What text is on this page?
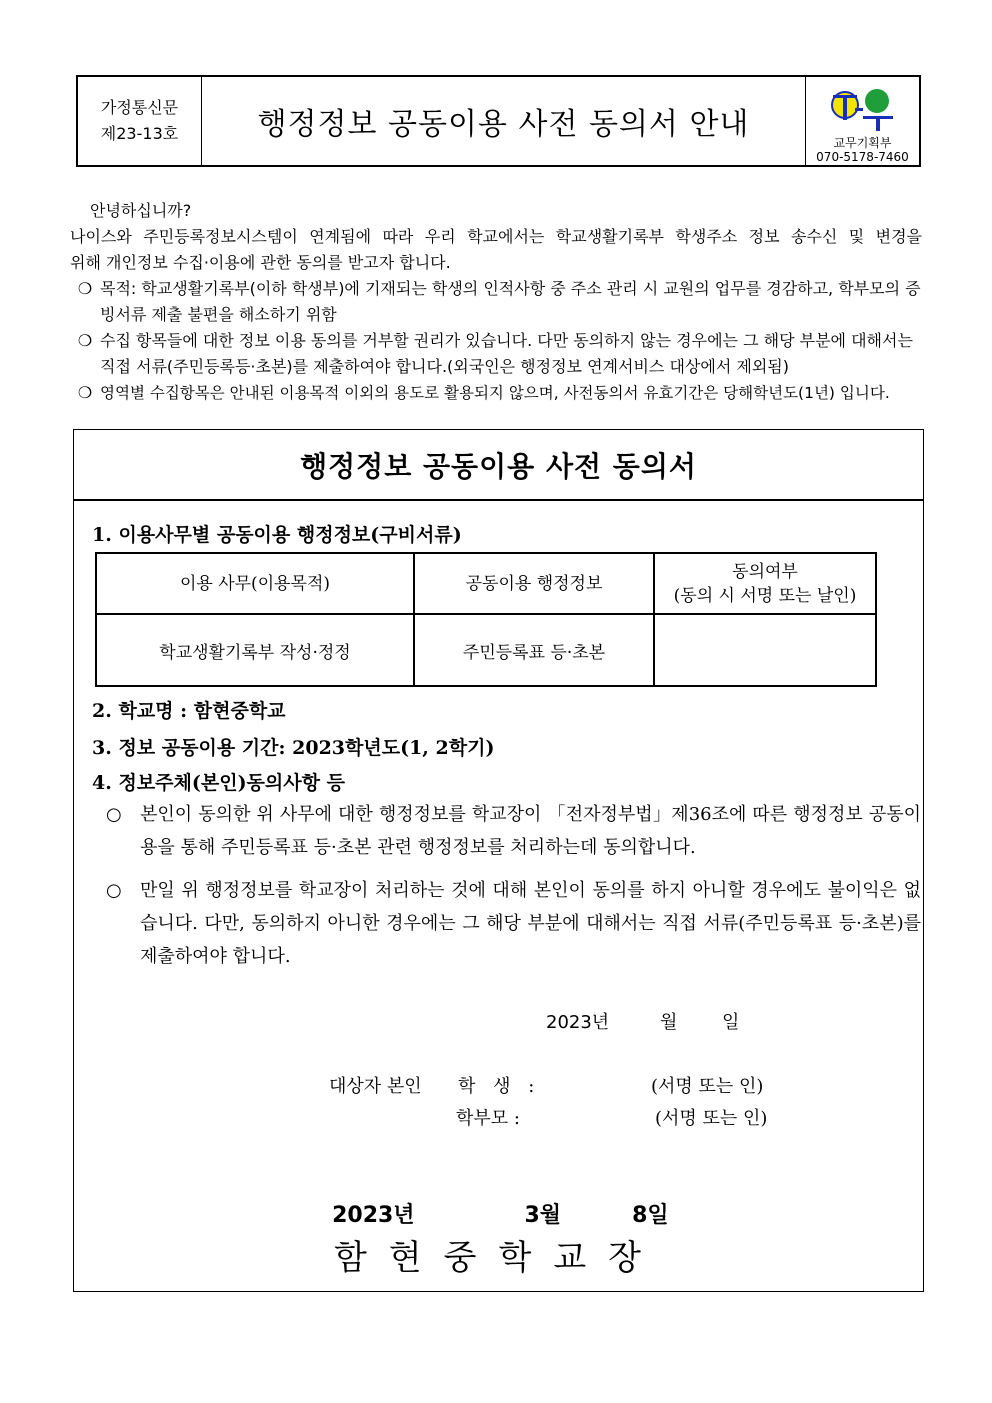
가정통신문
제23-13호	행정정보 공동이용 사전 동의서 안내
교무기획부
070-5178-7460

안녕하십니까?

나이스와 주민등록정보시스템이 연계됨에 따라 우리 학교에서는 학교생활기록부 학생주소 정보 송수신 및 변경을

위해 개인정보 수집·이용에 관한 동의를 받고자 합니다.

❍ 목적: 학교생활기록부(이하 학생부)에 기재되는 학생의 인적사항 중 주소 관리 시 교원의 업무를 경감하고, 학부모의 증빙서류 제출 불편을 해소하기 위함
❍ 수집 항목들에 대한 정보 이용 동의를 거부할 권리가 있습니다. 다만 동의하지 않는 경우에는 그 해당 부분에 대해서는 직접 서류(주민등록등·초본)를 제출하여야 합니다.(외국인은 행정정보 연계서비스 대상에서 제외됨)
❍ 영역별 수집항목은 안내된 이용목적 이외의 용도로 활용되지 않으며, 사전동의서 유효기간은 당해학년도(1년) 입니다.
행정정보 공동이용 사전 동의서
1. 이용사무별 공동이용 행정정보(구비서류)
이용 사무(이용목적)	공동이용 행정정보	동의여부
(동의 시 서명 또는 날인)

학교생활기록부 작성·정정	주민등록표 등·초본	
2. 학교명 : 함현중학교
3. 정보 공동이용 기간: 2023학년도(1, 2학기)
4. 정보주체(본인)동의사항 등
○	본인이 동의한 위 사무에 대한 행정정보를 학교장이 「전자정부법」제36조에 따른 행정정보 공동이용을 통해 주민등록표 등·초본 관련 행정정보를 처리하는데 동의합니다.
○	만일 위 행정정보를 학교장이 처리하는 것에 대해 본인이 동의를 하지 아니할 경우에도 불이익은 없습니다. 다만, 동의하지 아니한 경우에는 그 해당 부분에 대해서는 직접 서류(주민등록표 등·초본)를 제출하여야 합니다.
2023년	월 일
대상자 본인 학 생 :	(서명 또는 인)
학부모 :	(서명 또는 인)
2023년	3월	8일
함현중학교장
